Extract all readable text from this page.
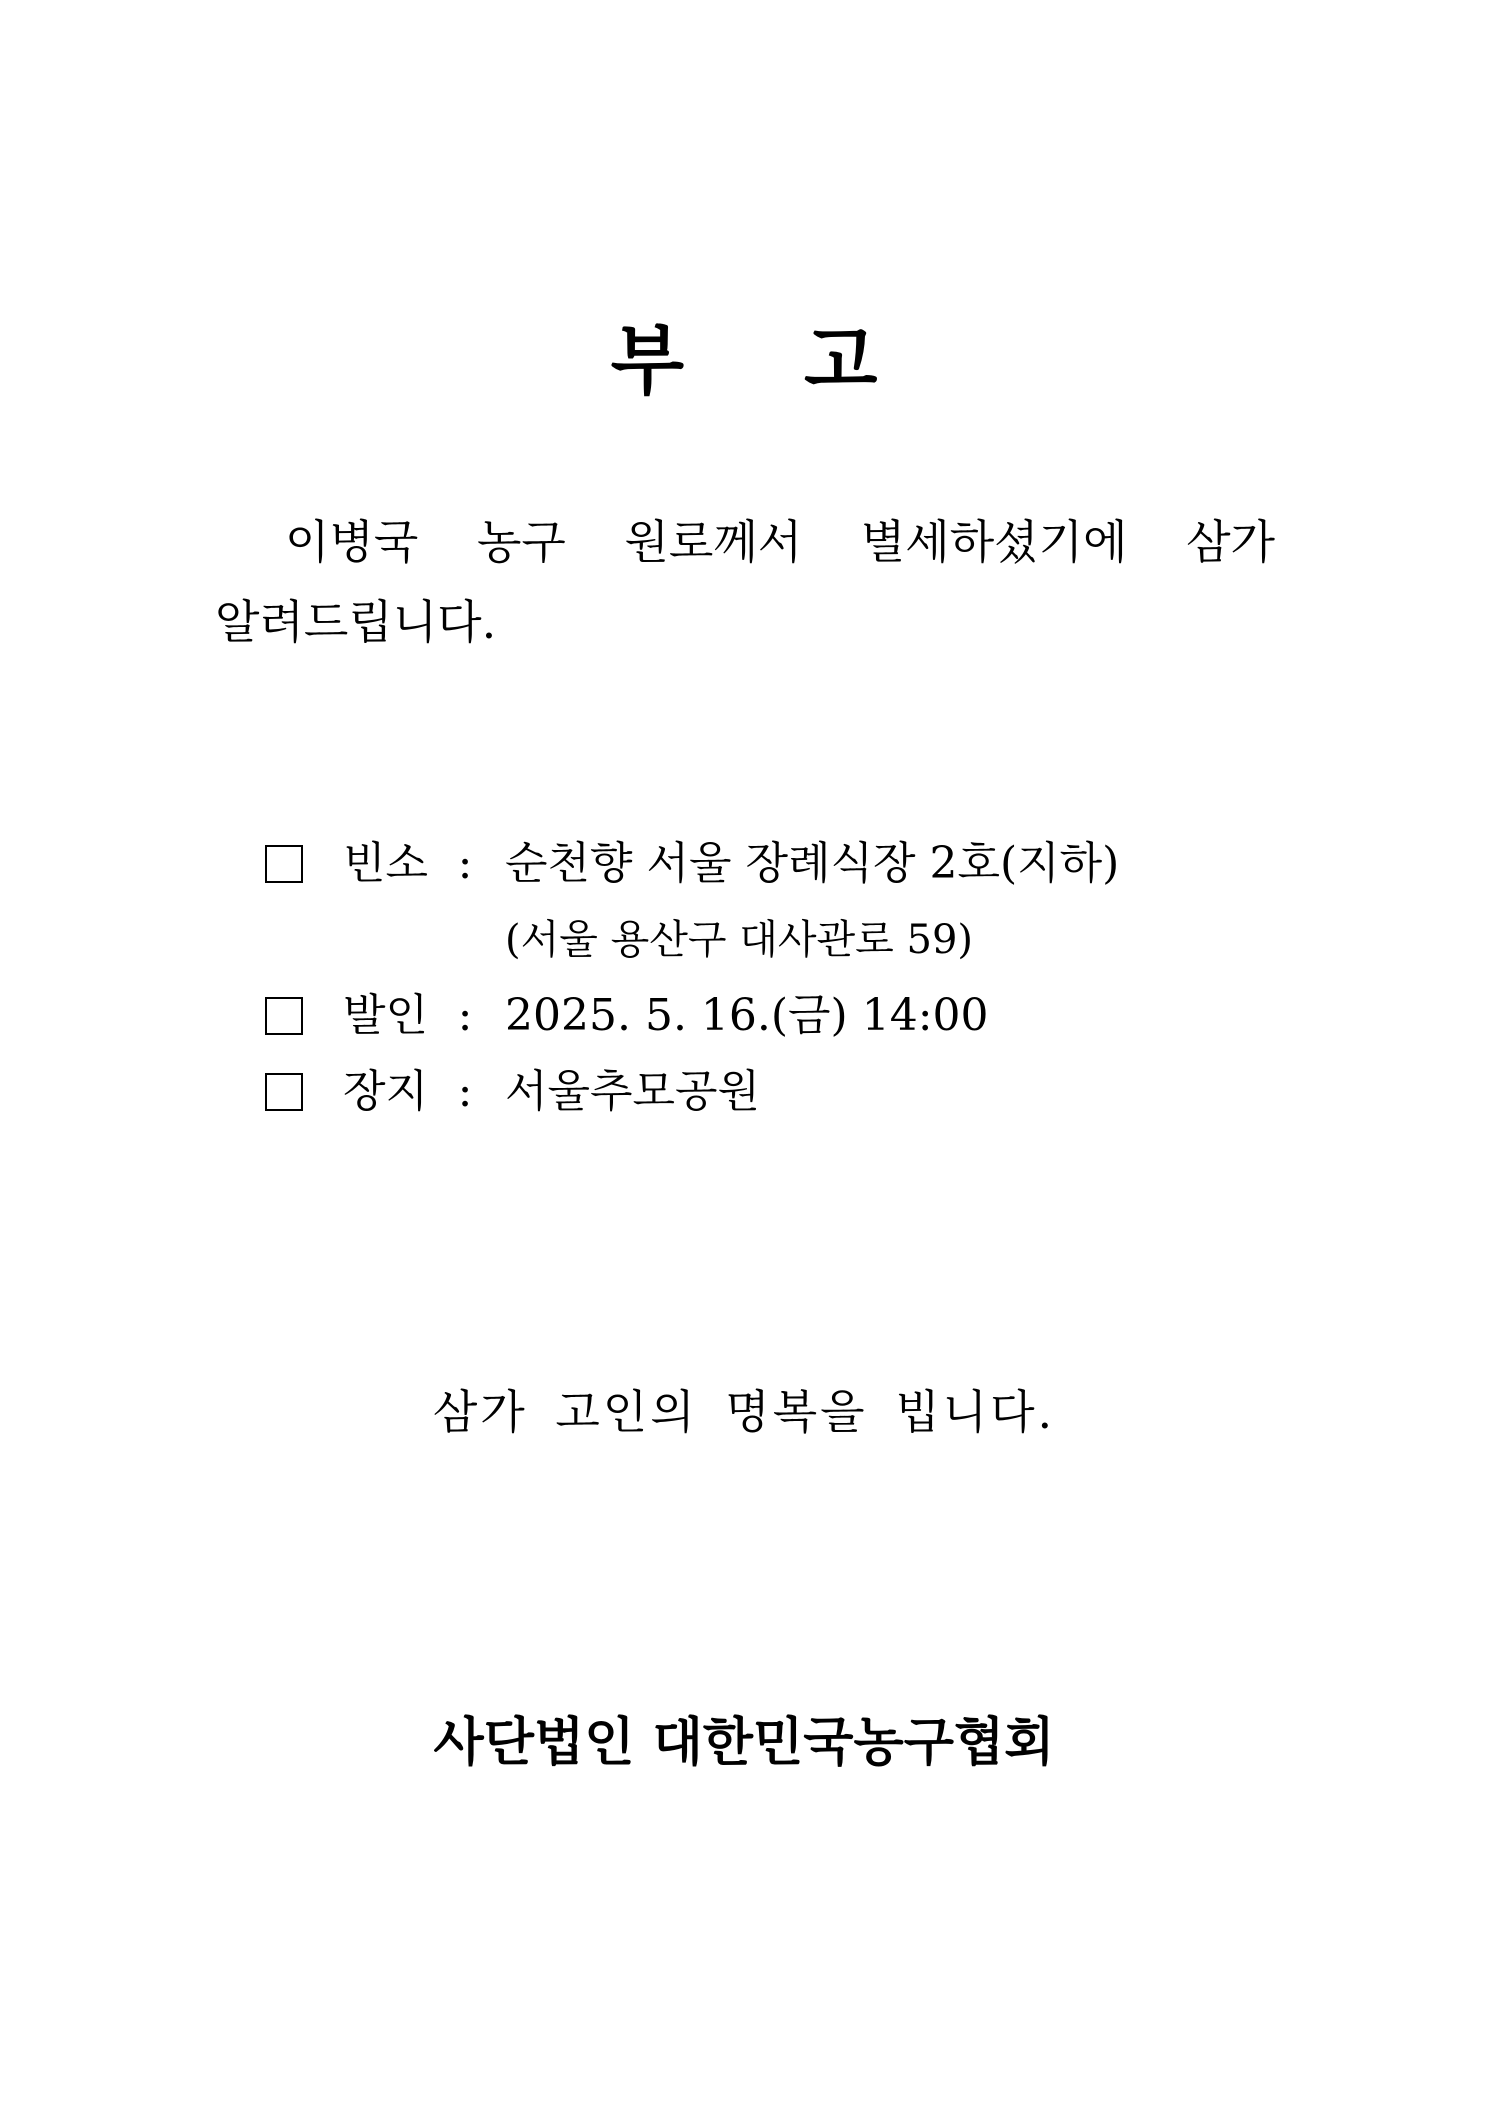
부 고
이병국 농구 원로께서 별세하셨기에 삼가
알려드립니다.
빈소 : 순천향 서울 장례식장 2호(지하)
(서울 용산구 대사관로 59)
발인 : 2025. 5. 16.(금) 14:00
장지 : 서울추모공원
삼가 고인의 명복을 빕니다.
사단법인 대한민국농구협회
